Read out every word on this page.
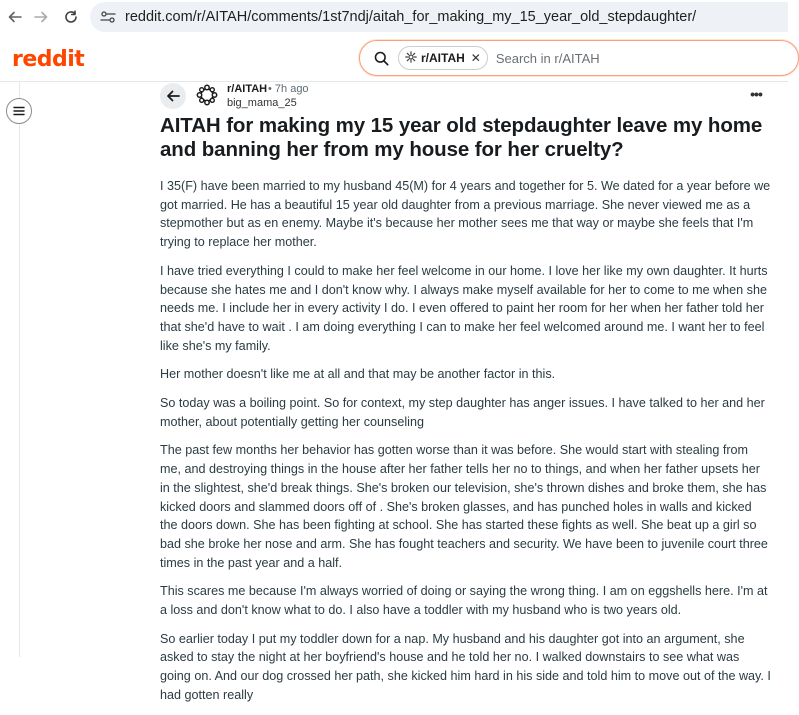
reddit.com/r/AITAH/comments/1st7ndj/aitah_for_making_my_15_year_old_stepdaughter/
reddit	r/AITAH ✕
Search in r/AITAH
r/AITAH • 7h ago
big_mama_25
•••
AITAH for making my 15 year old stepdaughter leave my home and banning her from my house for her cruelty?

I 35(F) have been married to my husband 45(M) for 4 years and together for 5. We dated for a year before we got married. He has a beautiful 15 year old daughter from a previous marriage. She never viewed me as a stepmother but as en enemy. Maybe it's because her mother sees me that way or maybe she feels that I'm trying to replace her mother.

I have tried everything I could to make her feel welcome in our home. I love her like my own daughter. It hurts because she hates me and I don't know why. I always make myself available for her to come to me when she needs me. I include her in every activity I do. I even offered to paint her room for her when her father told her that she'd have to wait . I am doing everything I can to make her feel welcomed around me. I want her to feel like she's my family.

Her mother doesn't like me at all and that may be another factor in this.

So today was a boiling point. So for context, my step daughter has anger issues. I have talked to her and her mother, about potentially getting her counseling

The past few months her behavior has gotten worse than it was before. She would start with stealing from me, and destroying things in the house after her father tells her no to things, and when her father upsets her in the slightest, she'd break things. She's broken our television, she's thrown dishes and broke them, she has kicked doors and slammed doors off of . She's broken glasses, and has punched holes in walls and kicked the doors down. She has been fighting at school. She has started these fights as well. She beat up a girl so bad she broke her nose and arm. She has fought teachers and security. We have been to juvenile court three times in the past year and a half.

This scares me because I'm always worried of doing or saying the wrong thing. I am on eggshells here. I'm at a loss and don't know what to do. I also have a toddler with my husband who is two years old.

So earlier today I put my toddler down for a nap. My husband and his daughter got into an argument, she asked to stay the night at her boyfriend's house and he told her no. I walked downstairs to see what was going on. And our dog crossed her path, she kicked him hard in his side and told him to move out of the way. I had gotten really
